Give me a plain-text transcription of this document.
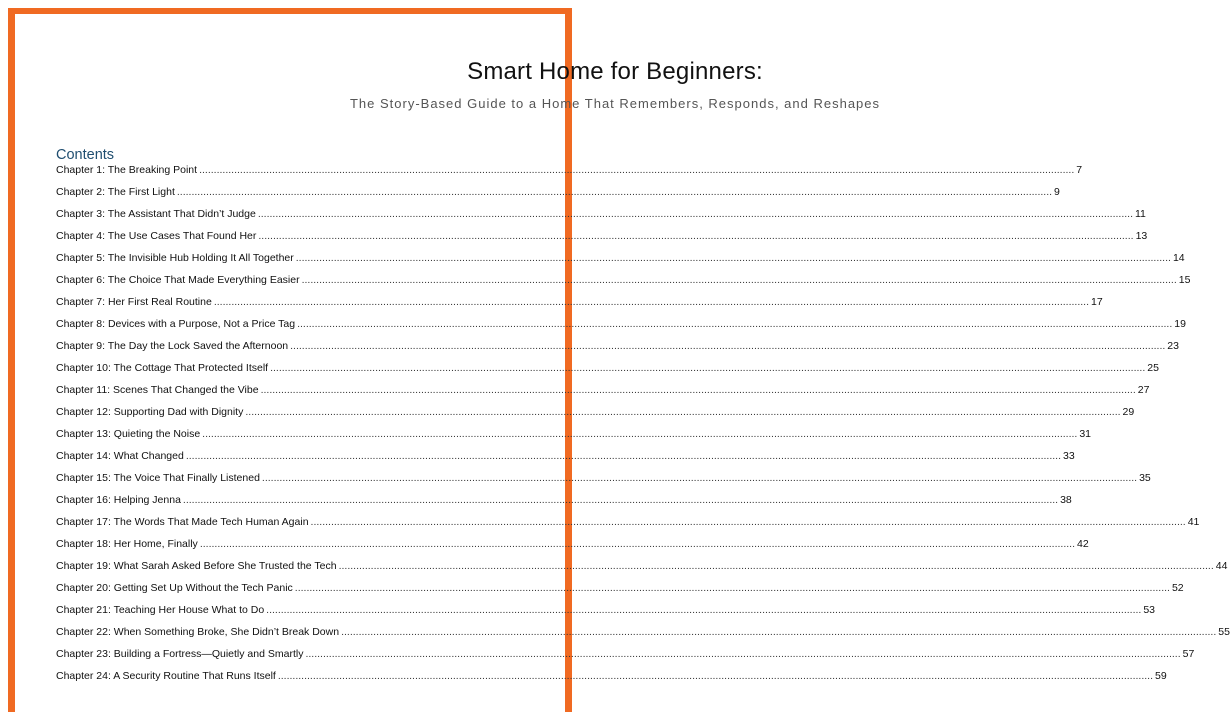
Smart Home for Beginners:
The Story-Based Guide to a Home That Remembers, Responds, and Reshapes
Contents
Chapter 1: The Breaking Point ............................................................................................................................................................................................................................................................................................................ 7
Chapter 2: The First Light ............................................................................................................................................................................................................................................................................................................ 9
Chapter 3: The Assistant That Didn’t Judge ............................................................................................................................................................................................................................................................................................................ 11
Chapter 4: The Use Cases That Found Her ............................................................................................................................................................................................................................................................................................................ 13
Chapter 5: The Invisible Hub Holding It All Together ............................................................................................................................................................................................................................................................................................................ 14
Chapter 6: The Choice That Made Everything Easier ............................................................................................................................................................................................................................................................................................................ 15
Chapter 7: Her First Real Routine ............................................................................................................................................................................................................................................................................................................ 17
Chapter 8: Devices with a Purpose, Not a Price Tag ............................................................................................................................................................................................................................................................................................................ 19
Chapter 9: The Day the Lock Saved the Afternoon ............................................................................................................................................................................................................................................................................................................ 23
Chapter 10: The Cottage That Protected Itself ............................................................................................................................................................................................................................................................................................................ 25
Chapter 11: Scenes That Changed the Vibe ............................................................................................................................................................................................................................................................................................................ 27
Chapter 12: Supporting Dad with Dignity ............................................................................................................................................................................................................................................................................................................ 29
Chapter 13: Quieting the Noise ............................................................................................................................................................................................................................................................................................................ 31
Chapter 14: What Changed ............................................................................................................................................................................................................................................................................................................ 33
Chapter 15: The Voice That Finally Listened ............................................................................................................................................................................................................................................................................................................ 35
Chapter 16: Helping Jenna ............................................................................................................................................................................................................................................................................................................ 38
Chapter 17: The Words That Made Tech Human Again ............................................................................................................................................................................................................................................................................................................ 41
Chapter 18: Her Home, Finally ............................................................................................................................................................................................................................................................................................................ 42
Chapter 19: What Sarah Asked Before She Trusted the Tech ............................................................................................................................................................................................................................................................................................................ 44
Chapter 20: Getting Set Up Without the Tech Panic ............................................................................................................................................................................................................................................................................................................ 52
Chapter 21: Teaching Her House What to Do ............................................................................................................................................................................................................................................................................................................ 53
Chapter 22: When Something Broke, She Didn’t Break Down ............................................................................................................................................................................................................................................................................................................ 55
Chapter 23: Building a Fortress—Quietly and Smartly ............................................................................................................................................................................................................................................................................................................ 57
Chapter 24: A Security Routine That Runs Itself ............................................................................................................................................................................................................................................................................................................ 59
